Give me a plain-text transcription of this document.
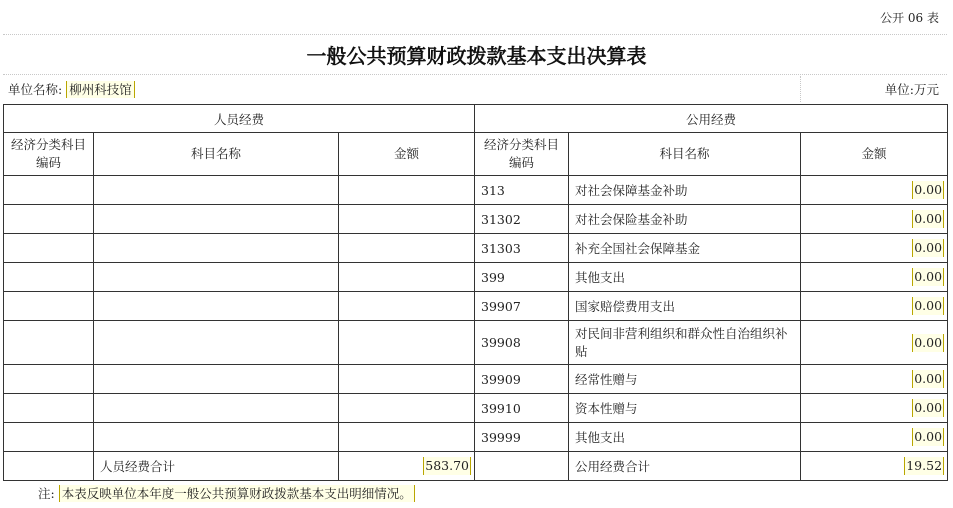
公开 06 表
一般公共预算财政拨款基本支出决算表
单位名称: 柳州科技馆	单位:万元
人员经费			公用经费		
经济分类科目编码	科目名称	金额	经济分类科目编码	科目名称	金额
			313	对社会保障基金补助	0.00
			31302	对社会保险基金补助	0.00
			31303	补充全国社会保障基金	0.00
			399	其他支出	0.00
			39907	国家赔偿费用支出	0.00
			39908	对民间非营利组织和群众性自治组织补贴	0.00
			39909	经常性赠与	0.00
			39910	资本性赠与	0.00
			39999	其他支出	0.00
	人员经费合计	583.70		公用经费合计	19.52
注: 本表反映单位本年度一般公共预算财政拨款基本支出明细情况。
